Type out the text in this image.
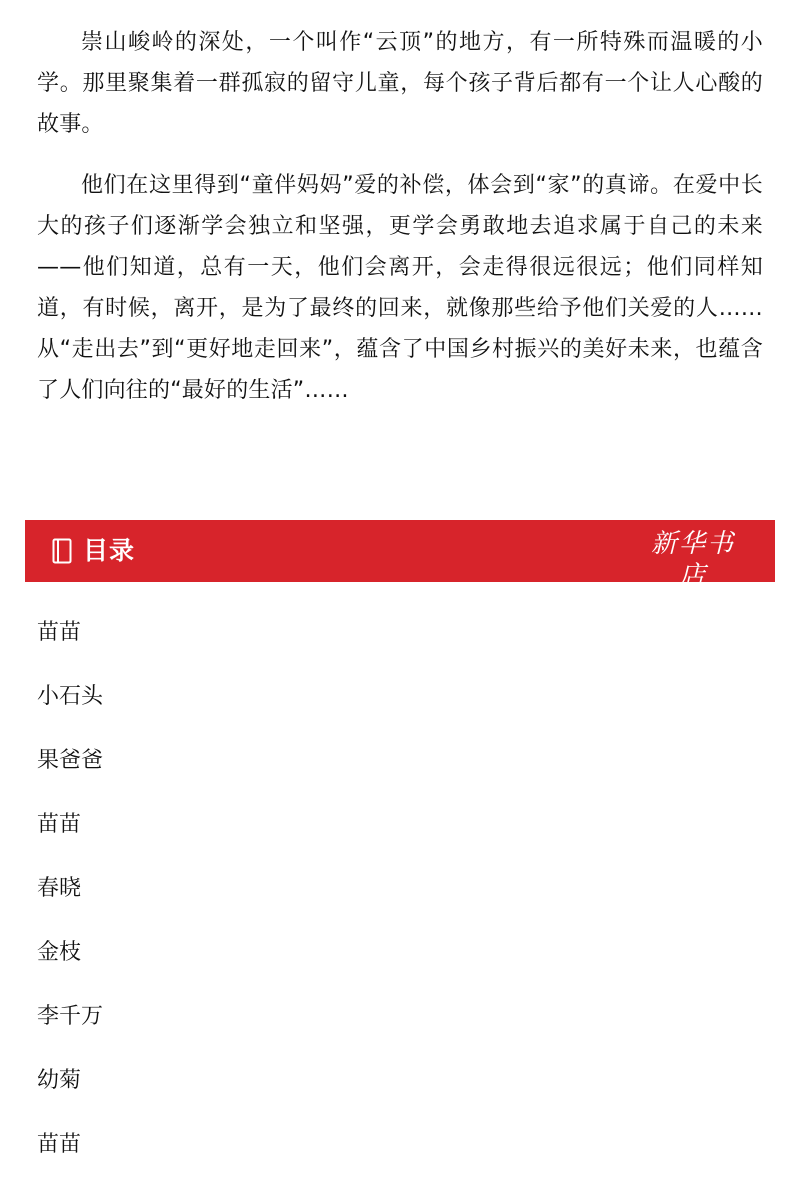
崇山峻岭的深处，一个叫作“云顶”的地方，有一所特殊而温暖的小学。那里聚集着一群孤寂的留守儿童，每个孩子背后都有一个让人心酸的故事。

他们在这里得到“童伴妈妈”爱的补偿，体会到“家”的真谛。在爱中长大的孩子们逐渐学会独立和坚强，更学会勇敢地去追求属于自己的未来——他们知道，总有一天，他们会离开，会走得很远很远；他们同样知道，有时候，离开，是为了最终的回来，就像那些给予他们关爱的人……从“走出去”到“更好地走回来”，蕴含了中国乡村振兴的美好未来，也蕴含了人们向往的“最好的生活”……

目录	新华书店
XINHUA BOOKSTORE
苗苗
小石头
果爸爸
苗苗
春晓
金枝
李千万
幼菊
苗苗
